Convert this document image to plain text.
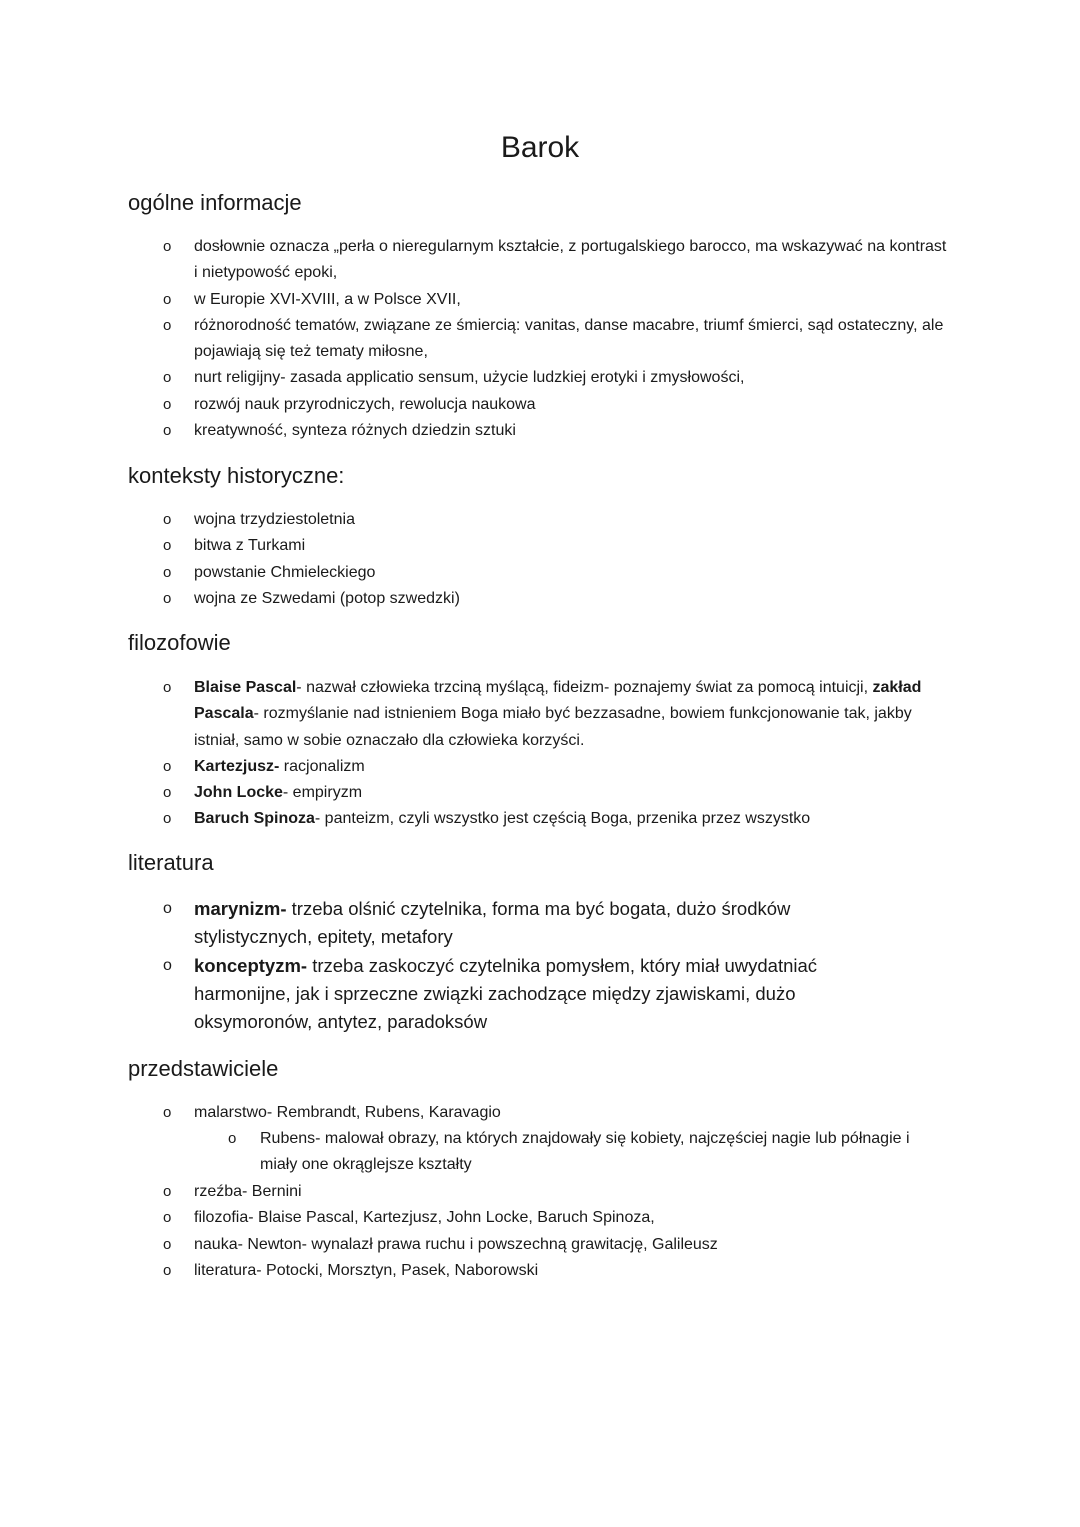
Barok
ogólne informacje
o dosłownie oznacza „perła o nieregularnym kształcie, z portugalskiego barocco, ma wskazywać na kontrast i nietypowość epoki,
o w Europie XVI-XVIII, a w Polsce XVII,
o różnorodność tematów, związane ze śmiercią: vanitas, danse macabre, triumf śmierci, sąd ostateczny, ale pojawiają się też tematy miłosne,
o nurt religijny- zasada applicatio sensum, użycie ludzkiej erotyki i zmysłowości,
o rozwój nauk przyrodniczych, rewolucja naukowa
o kreatywność, synteza różnych dziedzin sztuki
konteksty historyczne:
o wojna trzydziestoletnia
o bitwa z Turkami
o powstanie Chmieleckiego
o wojna ze Szwedami (potop szwedzki)
filozofowie
o Blaise Pascal- nazwał człowieka trzciną myślącą, fideizm- poznajemy świat za pomocą intuicji, zakład Pascala- rozmyślanie nad istnieniem Boga miało być bezzasadne, bowiem funkcjonowanie tak, jakby istniał, samo w sobie oznaczało dla człowieka korzyści.
o Kartezjusz- racjonalizm
o John Locke- empiryzm
o Baruch Spinoza- panteizm, czyli wszystko jest częścią Boga, przenika przez wszystko
literatura
o marynizm- trzeba olśnić czytelnika, forma ma być bogata, dużo środków stylistycznych, epitety, metafory
o konceptyzm- trzeba zaskoczyć czytelnika pomysłem, który miał uwydatniać harmonijne, jak i sprzeczne związki zachodzące między zjawiskami, dużo oksymoronów, antytez, paradoksów
przedstawiciele
o malarstwo- Rembrandt, Rubens, Karavagio
o Rubens- malował obrazy, na których znajdowały się kobiety, najczęściej nagie lub półnagie i miały one okrąglejsze kształty
o rzeźba- Bernini
o filozofia- Blaise Pascal, Kartezjusz, John Locke, Baruch Spinoza,
o nauka- Newton- wynalazł prawa ruchu i powszechną grawitację, Galileusz
o literatura- Potocki, Morsztyn, Pasek, Naborowski
